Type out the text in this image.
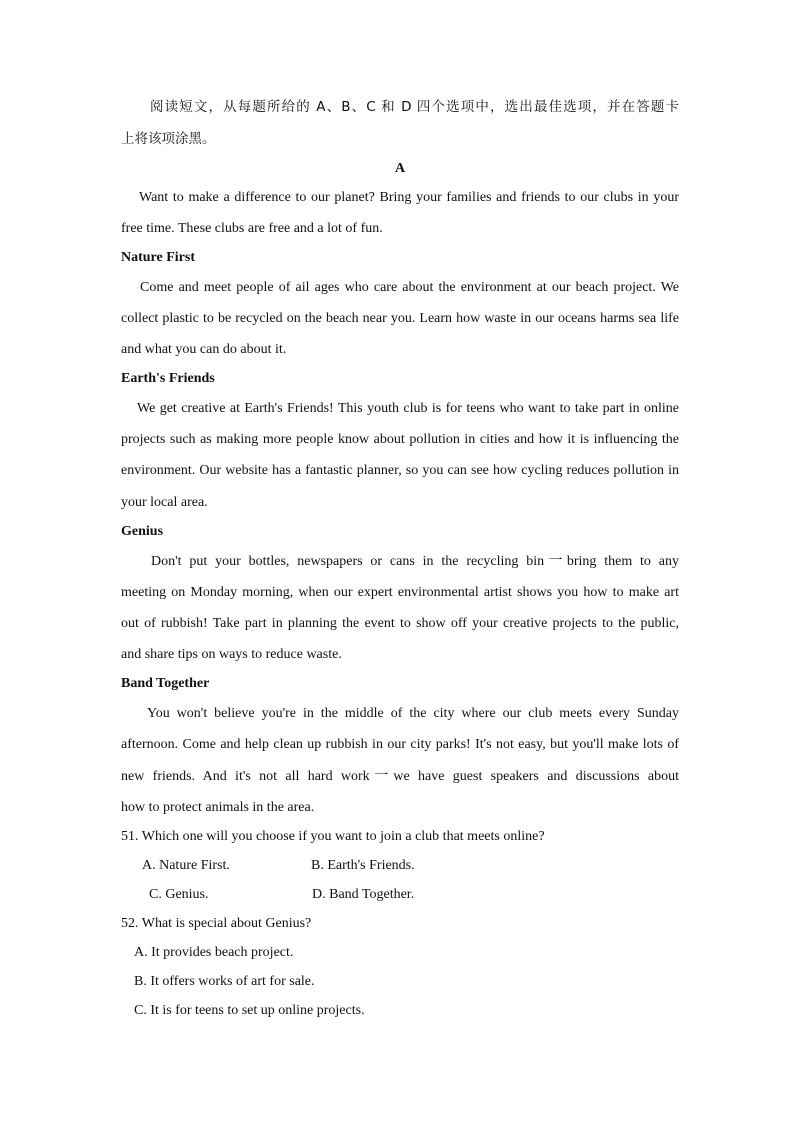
阅读短文，从每题所给的 A、B、C 和 D 四个选项中，选出最佳选项，并在答题卡
上将该项涂黑。
A
Want to make a difference to our planet? Bring your families and friends to our clubs in your
free time. These clubs are free and a lot of fun.
Nature First
Come and meet people of ail ages who care about the environment at our beach project. We
collect plastic to be recycled on the beach near you. Learn how waste in our oceans harms sea life
and what you can do about it.
Earth's Friends
We get creative at Earth's Friends! This youth club is for teens who want to take part in online
projects such as making more people know about pollution in cities and how it is influencing the
environment. Our website has a fantastic planner, so you can see how cycling reduces pollution in
your local area.
Genius
Don't put your bottles, newspapers or cans in the recycling bin一bring them to any
meeting on Monday morning, when our expert environmental artist shows you how to make art
out of rubbish! Take part in planning the event to show off your creative projects to the public,
and share tips on ways to reduce waste.
Band Together
You won't believe you're in the middle of the city where our club meets every Sunday
afternoon. Come and help clean up rubbish in our city parks! It's not easy, but you'll make lots of
new friends. And it's not all hard work一we have guest speakers and discussions about
how to protect animals in the area.
51. Which one will you choose if you want to join a club that meets online?
A. Nature First.	B. Earth's Friends.
C. Genius.	D. Band Together.
52. What is special about Genius?
A. It provides beach project.
B. It offers works of art for sale.
C. It is for teens to set up online projects.
